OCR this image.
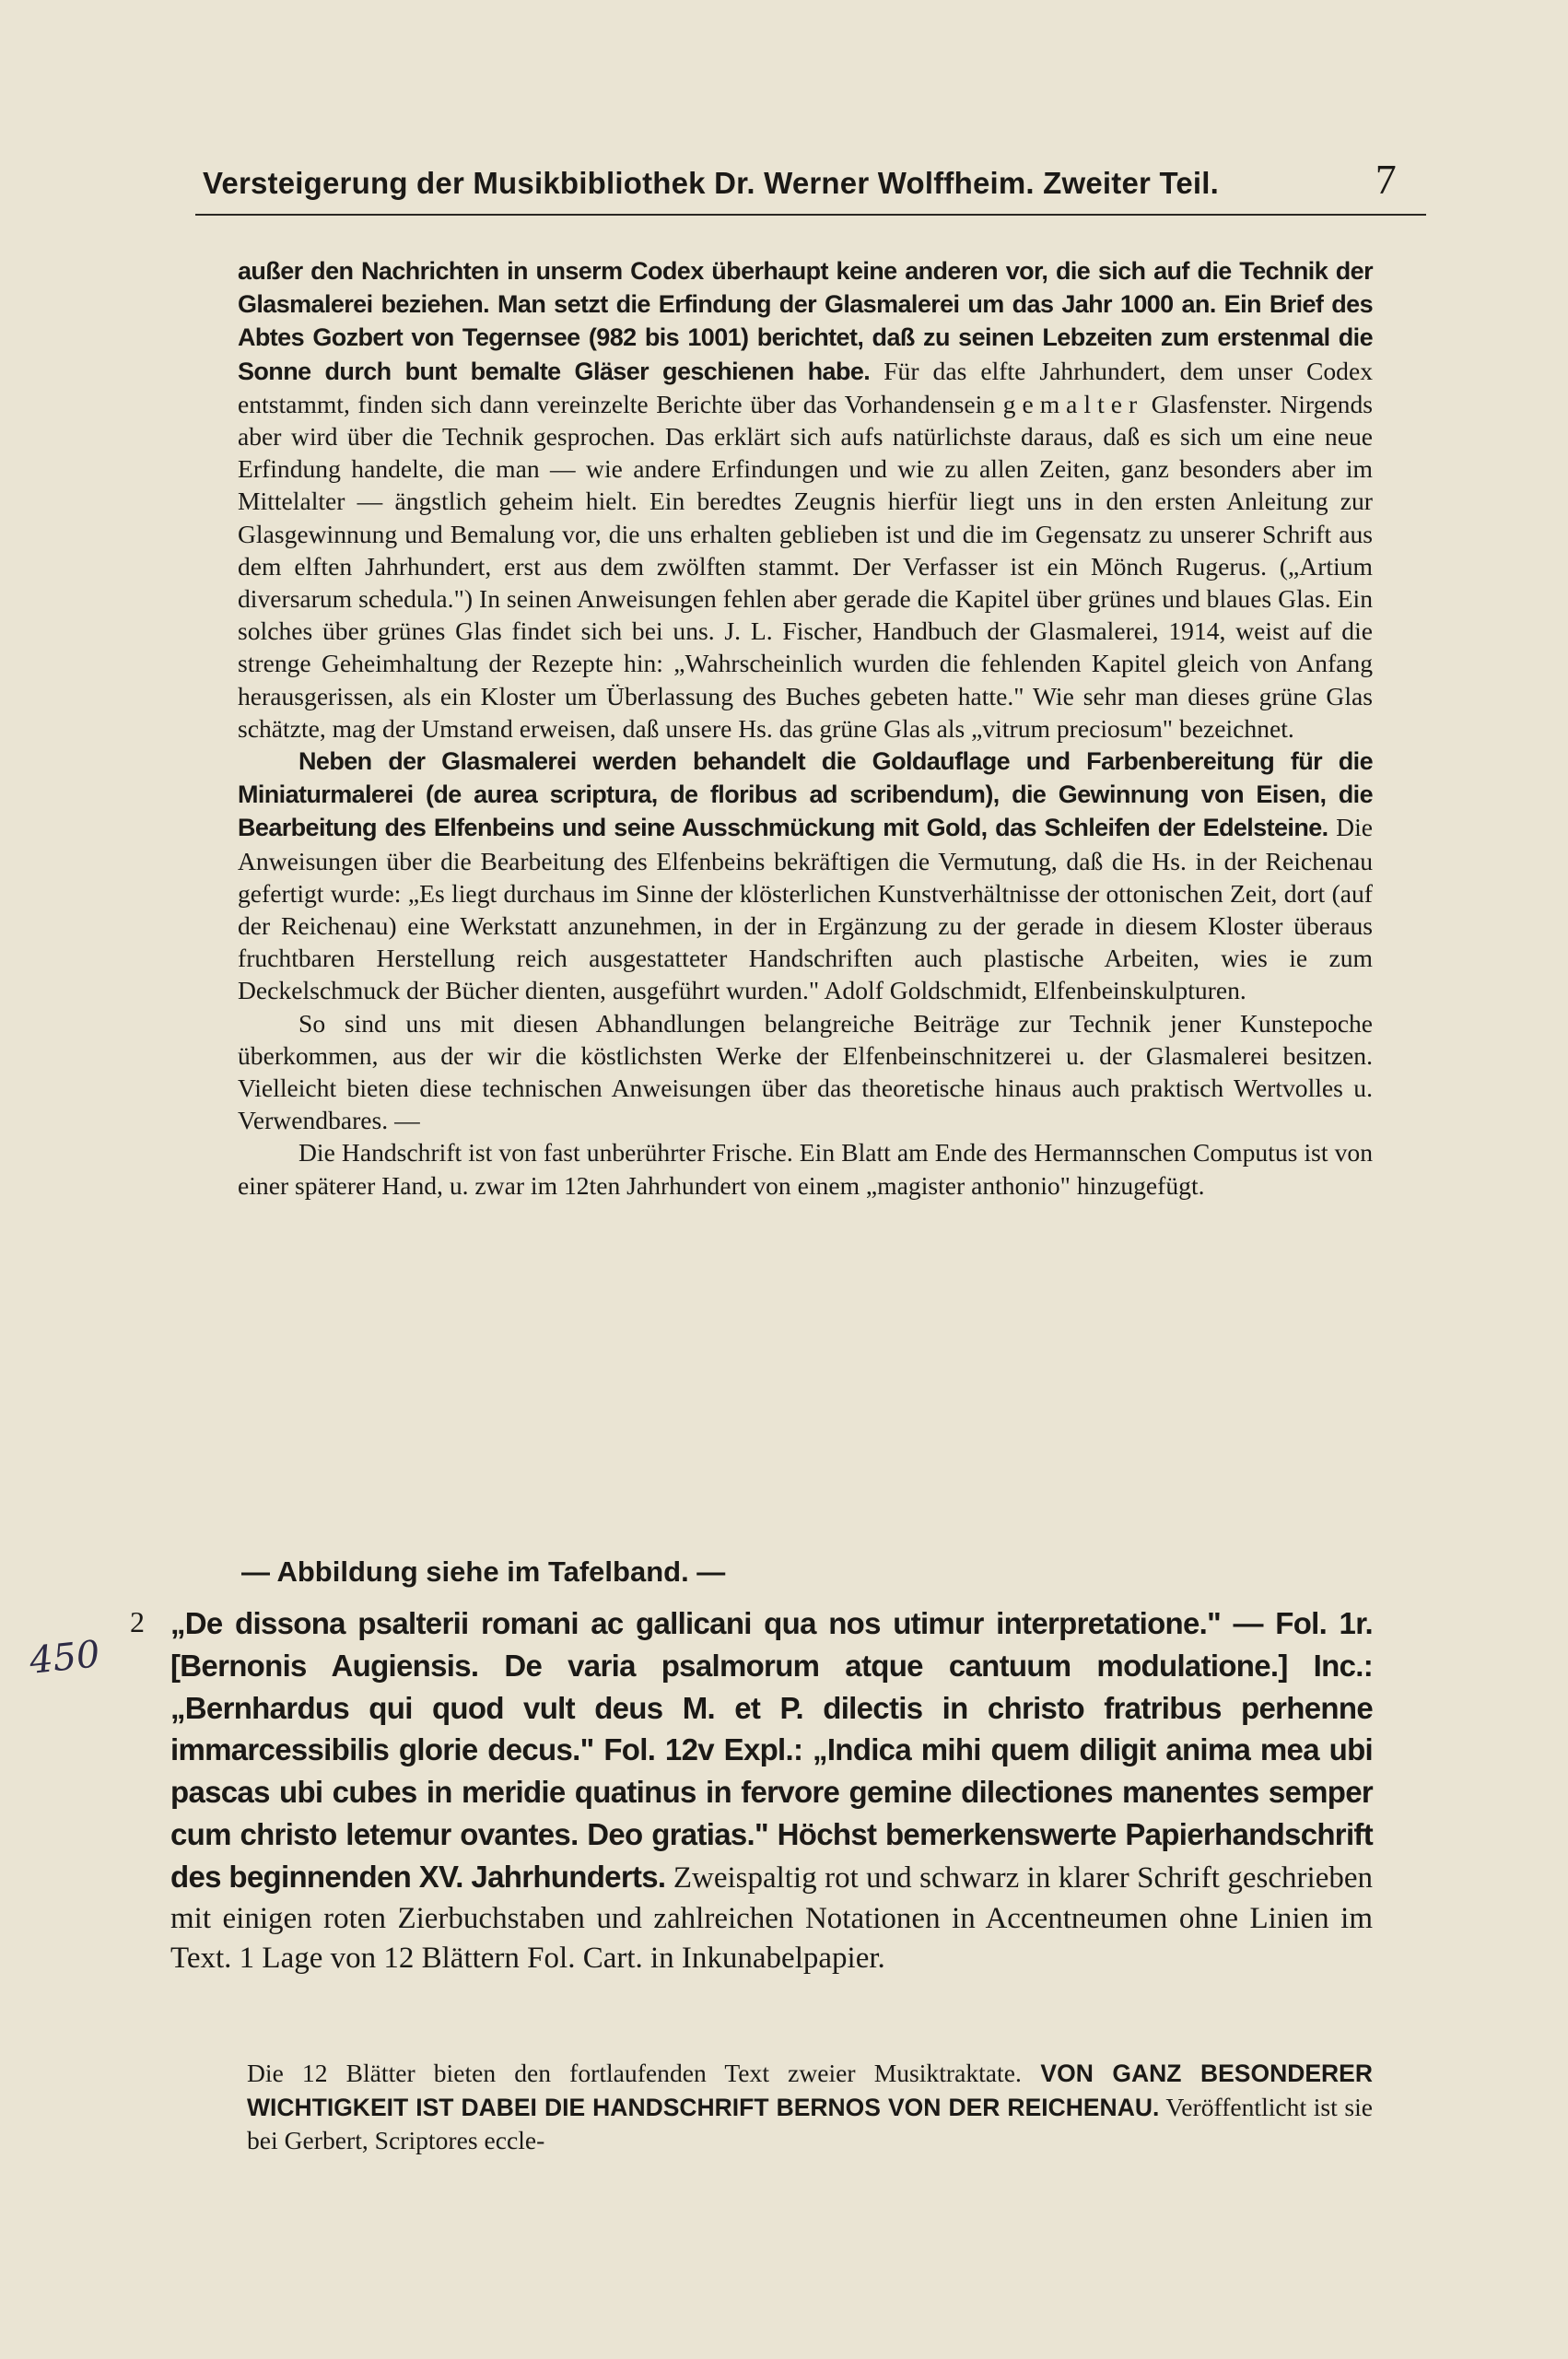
Versteigerung der Musikbibliothek Dr. Werner Wolffheim. Zweiter Teil.	7

außer den Nachrichten in unserm Codex überhaupt keine anderen vor, die sich auf die Technik der Glasmalerei beziehen. Man setzt die Erfindung der Glasmalerei um das Jahr 1000 an. Ein Brief des Abtes Gozbert von Tegernsee (982 bis 1001) berichtet, daß zu seinen Lebzeiten zum erstenmal die Sonne durch bunt bemalte Gläser geschienen habe. Für das elfte Jahrhundert, dem unser Codex entstammt, finden sich dann vereinzelte Berichte über das Vorhandensein gemalter Glasfenster. Nirgends aber wird über die Technik gesprochen. Das erklärt sich aufs natürlichste daraus, daß es sich um eine neue Erfindung handelte, die man — wie andere Erfindungen und wie zu allen Zeiten, ganz besonders aber im Mittelalter — ängstlich geheim hielt. Ein beredtes Zeugnis hierfür liegt uns in den ersten Anleitung zur Glasgewinnung und Bemalung vor, die uns erhalten geblieben ist und die im Gegensatz zu unserer Schrift aus dem elften Jahrhundert, erst aus dem zwölften stammt. Der Verfasser ist ein Mönch Rugerus. („Artium diversarum schedula.") In seinen Anweisungen fehlen aber gerade die Kapitel über grünes und blaues Glas. Ein solches über grünes Glas findet sich bei uns. J. L. Fischer, Handbuch der Glasmalerei, 1914, weist auf die strenge Geheimhaltung der Rezepte hin: „Wahrscheinlich wurden die fehlenden Kapitel gleich von Anfang herausgerissen, als ein Kloster um Überlassung des Buches gebeten hatte." Wie sehr man dieses grüne Glas schätzte, mag der Umstand erweisen, daß unsere Hs. das grüne Glas als „vitrum preciosum" bezeichnet.

Neben der Glasmalerei werden behandelt die Goldauflage und Farbenbereitung für die Miniaturmalerei (de aurea scriptura, de floribus ad scribendum), die Gewinnung von Eisen, die Bearbeitung des Elfenbeins und seine Ausschmückung mit Gold, das Schleifen der Edelsteine. Die Anweisungen über die Bearbeitung des Elfenbeins bekräftigen die Vermutung, daß die Hs. in der Reichenau gefertigt wurde: „Es liegt durchaus im Sinne der klösterlichen Kunstverhältnisse der ottonischen Zeit, dort (auf der Reichenau) eine Werkstatt anzunehmen, in der in Ergänzung zu der gerade in diesem Kloster überaus fruchtbaren Herstellung reich ausgestatteter Handschriften auch plastische Arbeiten, wies ie zum Deckelschmuck der Bücher dienten, ausgeführt wurden." Adolf Goldschmidt, Elfenbeinskulpturen.

So sind uns mit diesen Abhandlungen belangreiche Beiträge zur Technik jener Kunstepoche überkommen, aus der wir die köstlichsten Werke der Elfenbeinschnitzerei u. der Glasmalerei besitzen. Vielleicht bieten diese technischen Anweisungen über das theoretische hinaus auch praktisch Wertvolles u. Verwendbares. —

Die Handschrift ist von fast unberührter Frische. Ein Blatt am Ende des Hermannschen Computus ist von einer späterer Hand, u. zwar im 12ten Jahrhundert von einem „magister anthonio" hinzugefügt.

— Abbildung siehe im Tafelband. —
450
2 „De dissona psalterii romani ac gallicani qua nos utimur interpretatione." — Fol. 1r. [Bernonis Augiensis. De varia psalmorum atque cantuum modulatione.] Inc.: „Bernhardus qui quod vult deus M. et P. dilectis in christo fratribus perhenne immarcessibilis glorie decus." Fol. 12v Expl.: „Indica mihi quem diligit anima mea ubi pascas ubi cubes in meridie quatinus in fervore gemine dilectiones manentes semper cum christo letemur ovantes. Deo gratias." Höchst bemerkenswerte Papierhandschrift des beginnenden XV. Jahrhunderts. Zweispaltig rot und schwarz in klarer Schrift geschrieben mit einigen roten Zierbuchstaben und zahlreichen Notationen in Accentneumen ohne Linien im Text. 1 Lage von 12 Blättern Fol. Cart. in Inkunabelpapier.

Die 12 Blätter bieten den fortlaufenden Text zweier Musiktraktate. VON GANZ BESONDERER WICHTIGKEIT IST DABEI DIE HANDSCHRIFT BERNOS VON DER REICHENAU. Veröffentlicht ist sie bei Gerbert, Scriptores eccle-
